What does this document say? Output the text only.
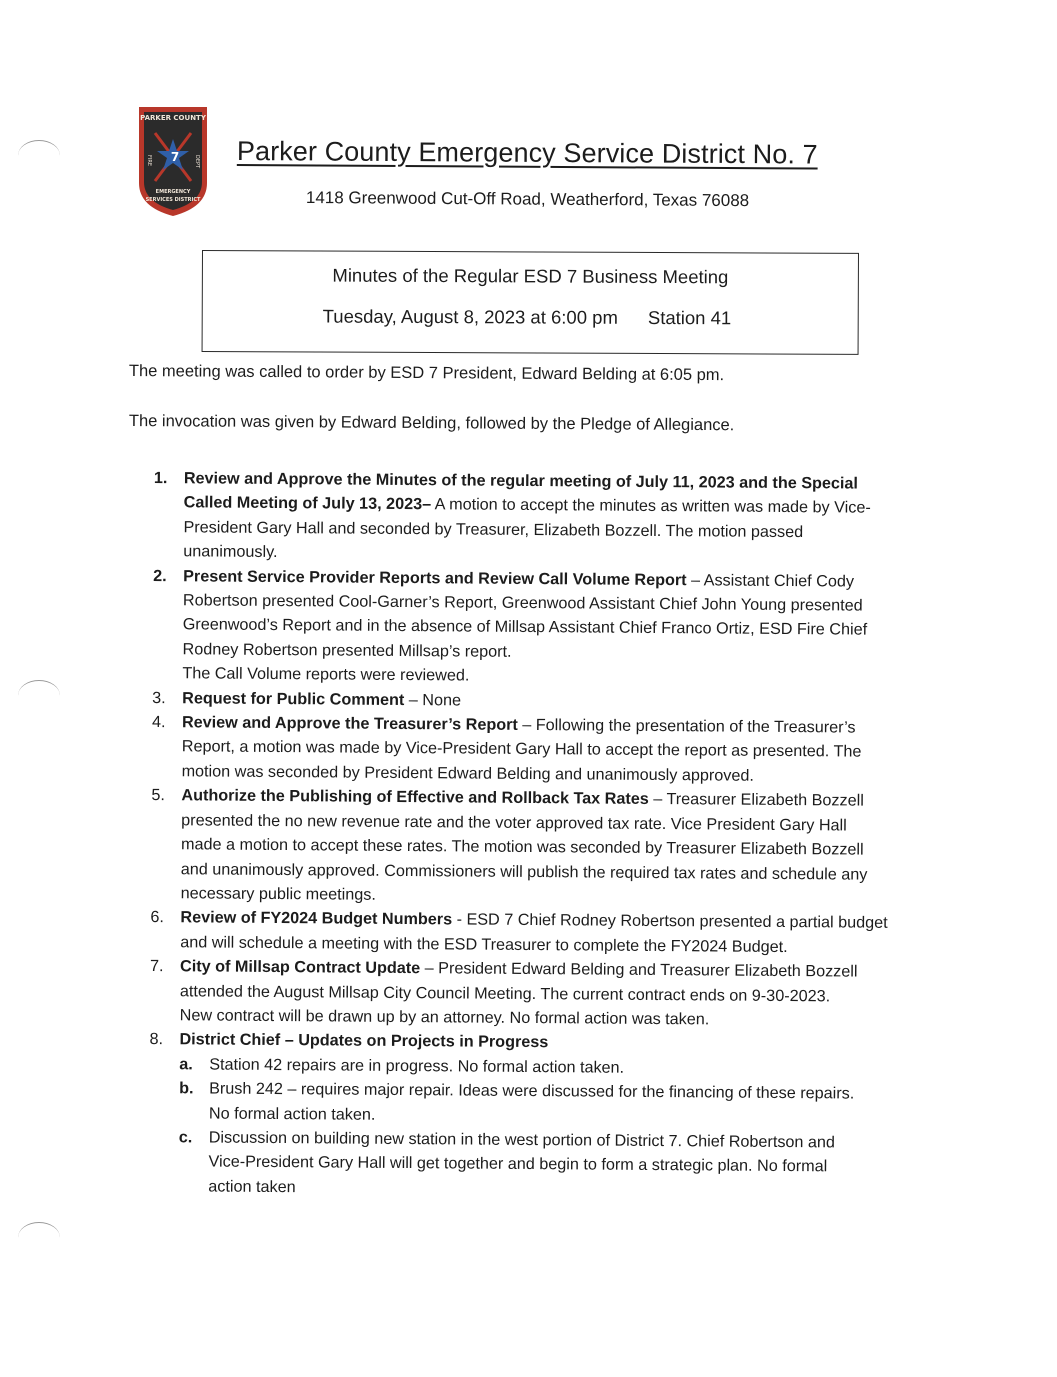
PARKER COUNTY
7
FIRE	DEPT
EMERGENCY
SERVICES DISTRICT
Parker County Emergency Service District No. 7
1418 Greenwood Cut-Off Road, Weatherford, Texas 76088
Minutes of the Regular ESD 7 Business Meeting
Tuesday, August 8, 2023 at 6:00 pm Station 41
The meeting was called to order by ESD 7 President, Edward Belding at 6:05 pm.
The invocation was given by Edward Belding, followed by the Pledge of Allegiance.
1. Review and Approve the Minutes of the regular meeting of July 11, 2023 and the Special
Called Meeting of July 13, 2023– A motion to accept the minutes as written was made by Vice-
President Gary Hall and seconded by Treasurer, Elizabeth Bozzell. The motion passed
unanimously.
2. Present Service Provider Reports and Review Call Volume Report – Assistant Chief Cody
Robertson presented Cool-Garner’s Report, Greenwood Assistant Chief John Young presented
Greenwood’s Report and in the absence of Millsap Assistant Chief Franco Ortiz, ESD Fire Chief
Rodney Robertson presented Millsap’s report.
The Call Volume reports were reviewed.
3. Request for Public Comment – None
4. Review and Approve the Treasurer’s Report – Following the presentation of the Treasurer’s
Report, a motion was made by Vice-President Gary Hall to accept the report as presented. The
motion was seconded by President Edward Belding and unanimously approved.
5. Authorize the Publishing of Effective and Rollback Tax Rates – Treasurer Elizabeth Bozzell
presented the no new revenue rate and the voter approved tax rate. Vice President Gary Hall
made a motion to accept these rates. The motion was seconded by Treasurer Elizabeth Bozzell
and unanimously approved. Commissioners will publish the required tax rates and schedule any
necessary public meetings.
6. Review of FY2024 Budget Numbers - ESD 7 Chief Rodney Robertson presented a partial budget
and will schedule a meeting with the ESD Treasurer to complete the FY2024 Budget.
7. City of Millsap Contract Update – President Edward Belding and Treasurer Elizabeth Bozzell
attended the August Millsap City Council Meeting. The current contract ends on 9-30-2023.
New contract will be drawn up by an attorney. No formal action was taken.
8. District Chief – Updates on Projects in Progress
a. Station 42 repairs are in progress. No formal action taken.
b. Brush 242 – requires major repair. Ideas were discussed for the financing of these repairs.
No formal action taken.
c. Discussion on building new station in the west portion of District 7. Chief Robertson and
Vice-President Gary Hall will get together and begin to form a strategic plan. No formal
action taken
